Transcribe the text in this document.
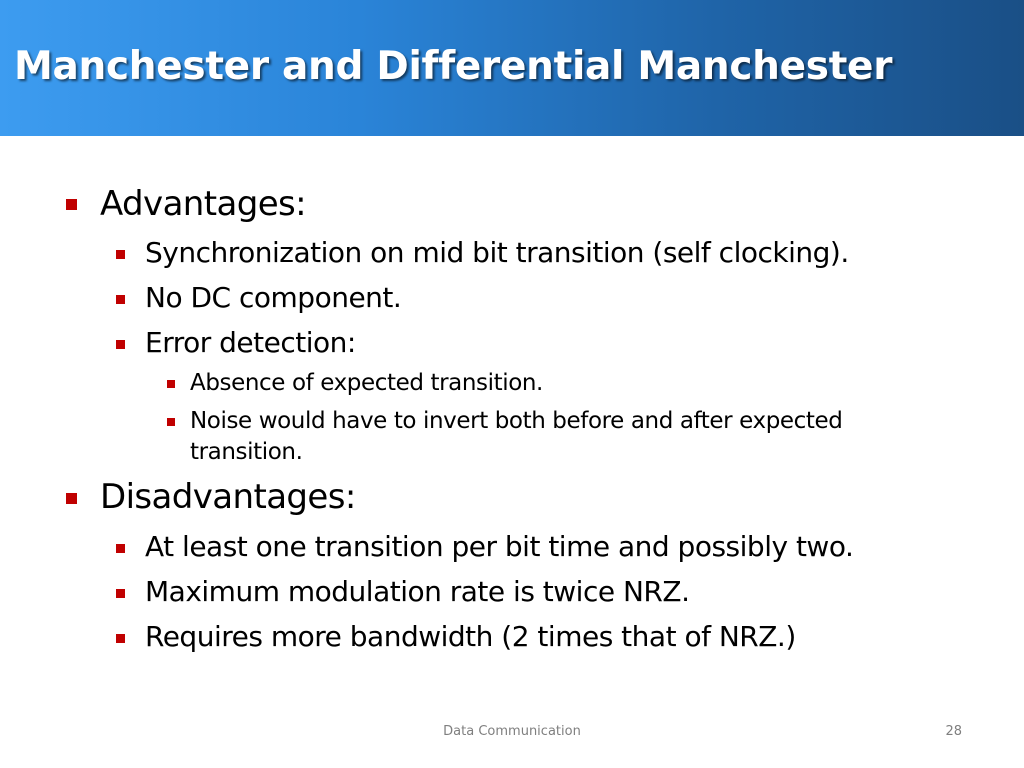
Manchester and Differential Manchester
Advantages:
Synchronization on mid bit transition (self clocking).
No DC component.
Error detection:
Absence of expected transition.
Noise would have to invert both before and after expected transition.
Disadvantages:
At least one transition per bit time and possibly two.
Maximum modulation rate is twice NRZ.
Requires more bandwidth (2 times that of NRZ.)
Data Communication	28
